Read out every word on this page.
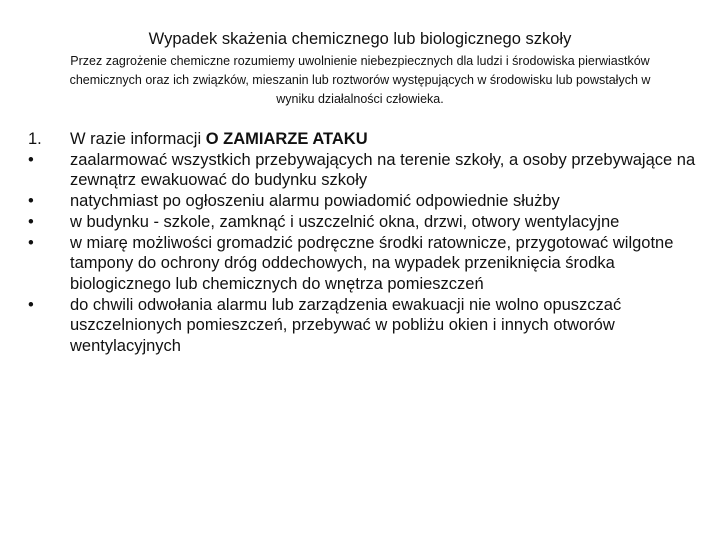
Wypadek skażenia chemicznego lub biologicznego szkoły
Przez zagrożenie chemiczne rozumiemy uwolnienie niebezpiecznych dla ludzi i środowiska pierwiastków chemicznych oraz ich związków, mieszanin lub roztworów występujących w środowisku lub powstałych w wyniku działalności człowieka.
1.	W razie informacji O ZAMIARZE ATAKU
•	zaalarmować wszystkich przebywających na terenie szkoły, a osoby przebywające na zewnątrz ewakuować do budynku szkoły
•	natychmiast po ogłoszeniu alarmu powiadomić odpowiednie służby
•	w budynku - szkole, zamknąć i uszczelnić okna, drzwi, otwory wentylacyjne
•	w miarę możliwości gromadzić podręczne środki ratownicze, przygotować wilgotne tampony do ochrony dróg oddechowych, na wypadek przeniknięcia środka biologicznego lub chemicznych do wnętrza pomieszczeń
•	do chwili odwołania alarmu lub zarządzenia ewakuacji nie wolno opuszczać uszczelnionych pomieszczeń, przebywać w pobliżu okien i innych otworów wentylacyjnych
